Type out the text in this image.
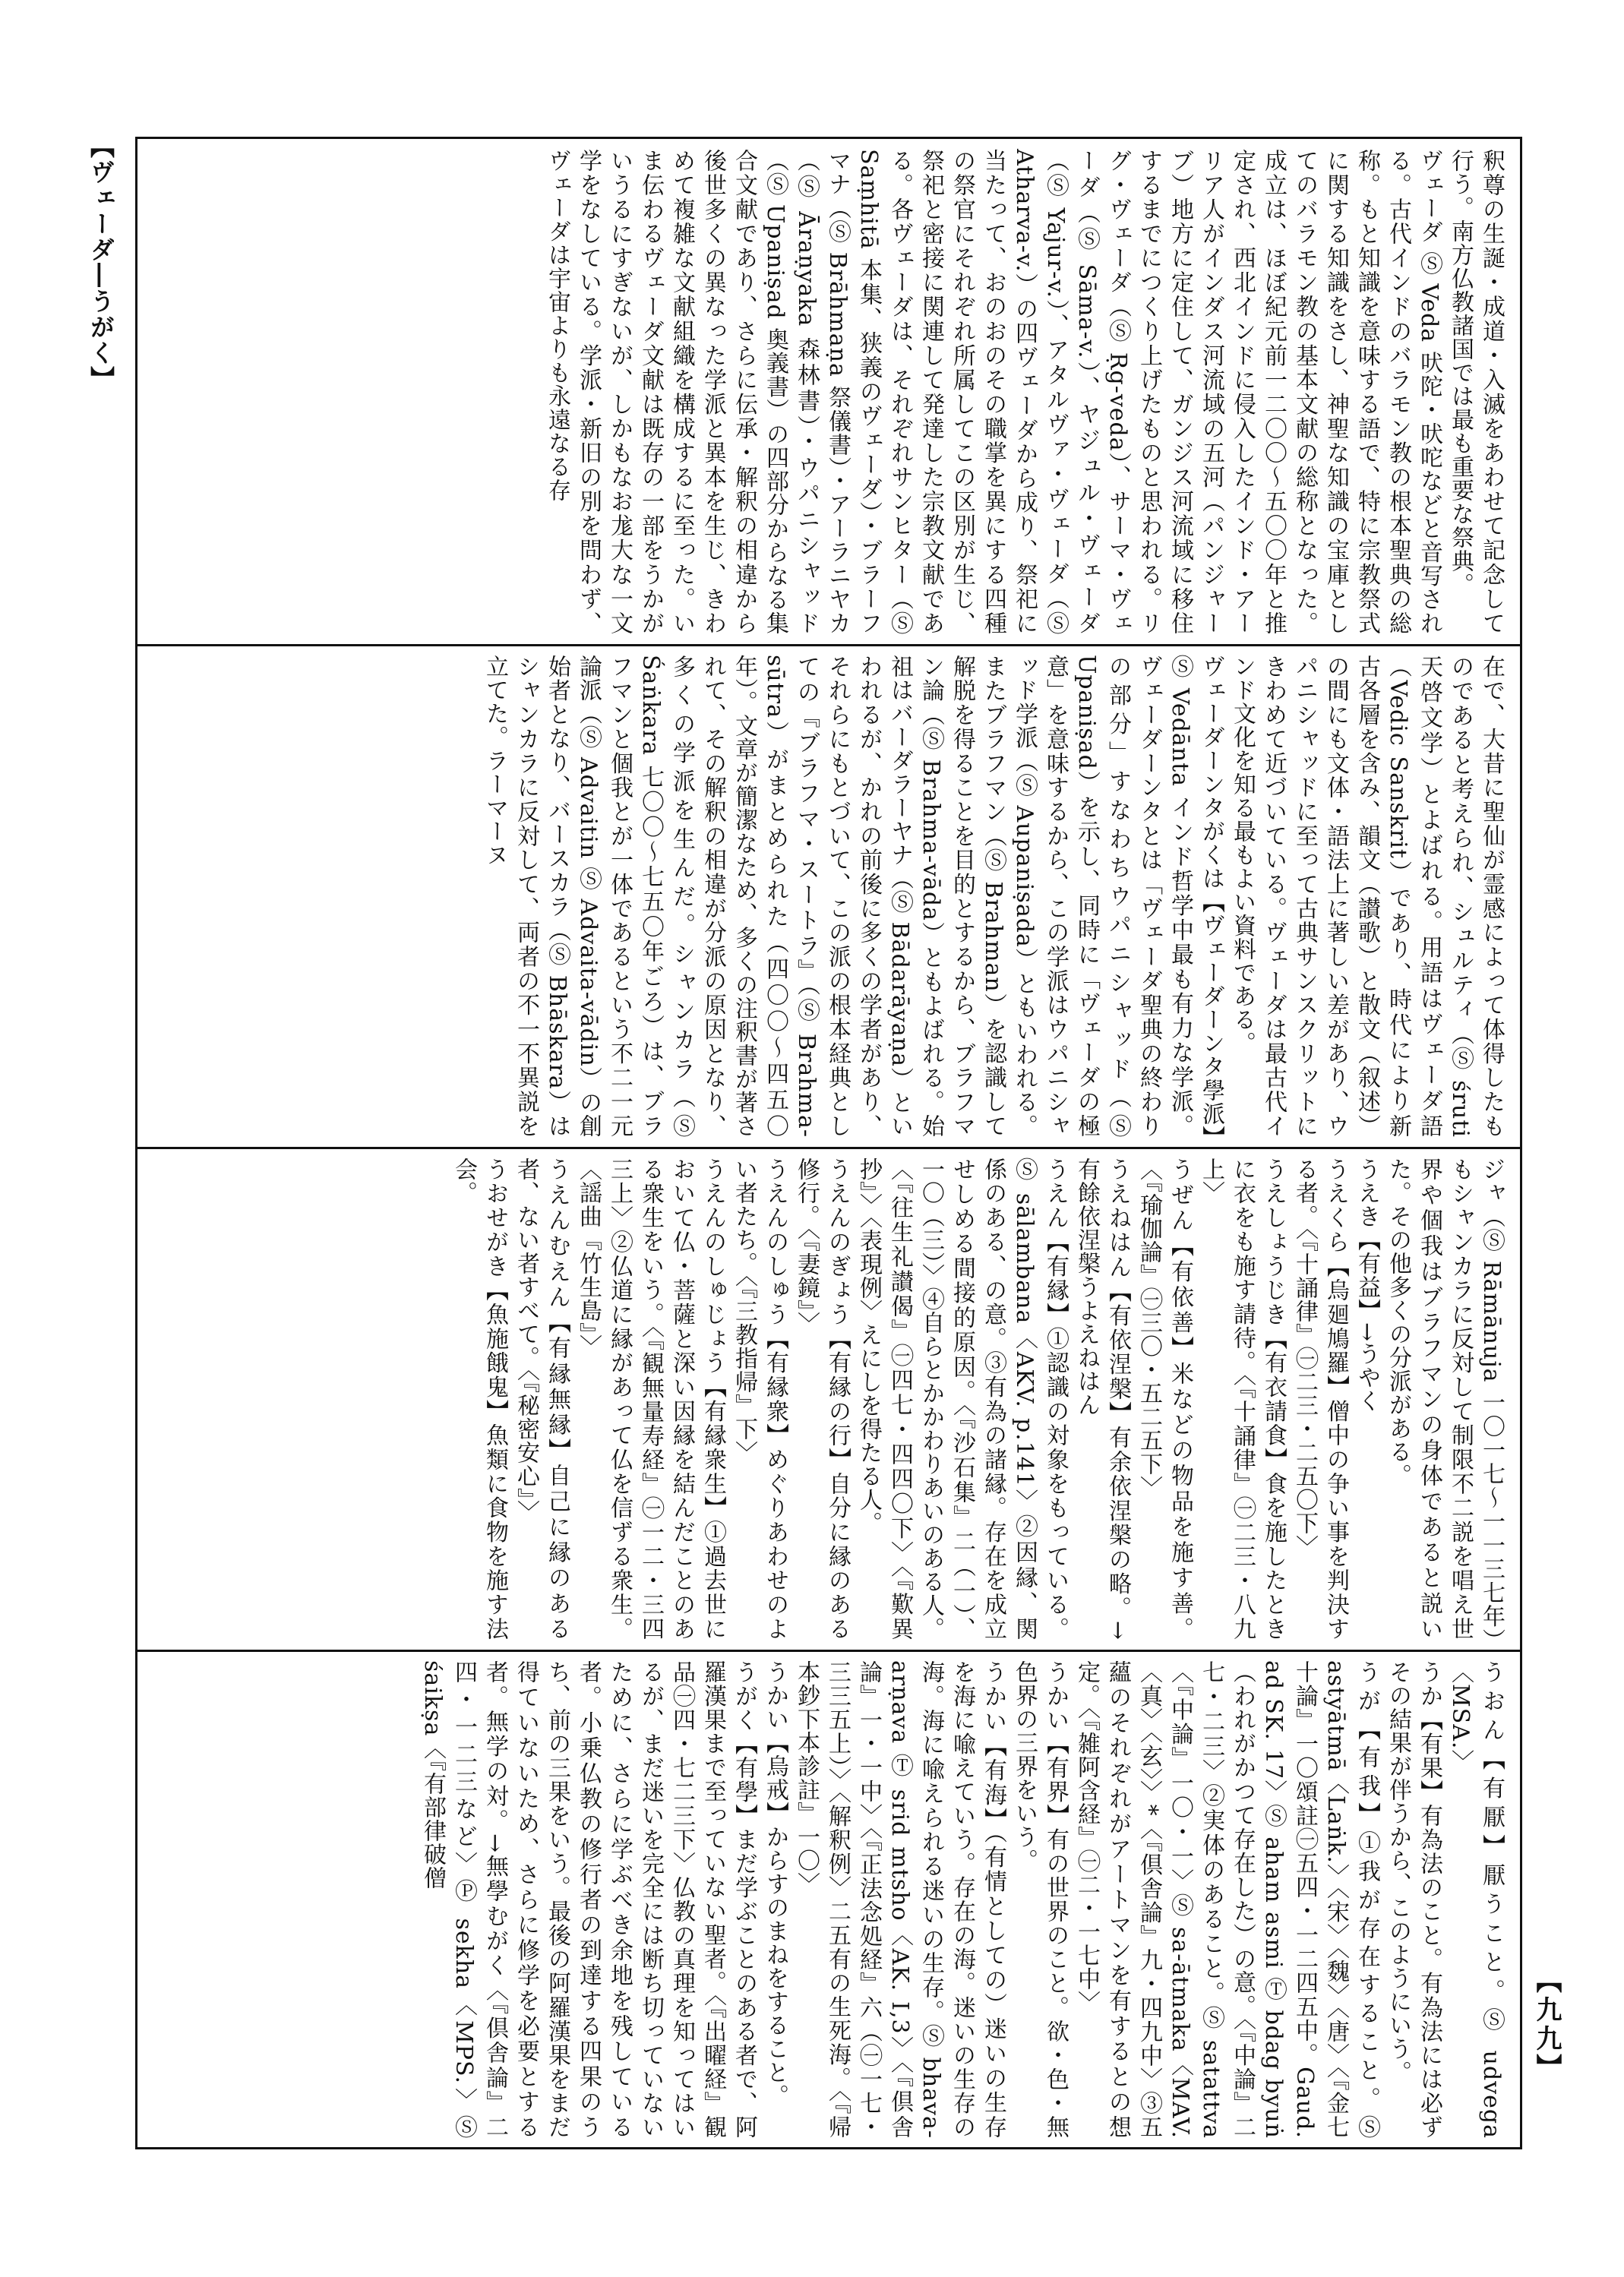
【ヴェーダ―うがく】	釈尊の生誕・成道・入滅をあわせて記念して行う。南方仏教諸国では最も重要な祭典。
ヴェーダ Ⓢ Veda 吠陀・吠咜などと音写される。古代インドのバラモン教の根本聖典の総称。もと知識を意味する語で、特に宗教祭式に関する知識をさし、神聖な知識の宝庫としてのバラモン教の基本文献の総称となった。成立は、ほぼ紀元前一二〇〇〜五〇〇年と推定され、西北インドに侵入したインド・アーリア人がインダス河流域の五河（パンジャーブ）地方に定住して、ガンジス河流域に移住するまでにつくり上げたものと思われる。リグ・ヴェーダ（Ⓢ Ṛg-veda）、サーマ・ヴェーダ（Ⓢ Sāma-v.）、ヤジュル・ヴェーダ（Ⓢ Yajur-v.）、アタルヴァ・ヴェーダ（Ⓢ Atharva-v.）の四ヴェーダから成り、祭祀に当たって、おのおのその職掌を異にする四種の祭官にそれぞれ所属してこの区別が生じ、祭祀と密接に関連して発達した宗教文献である。各ヴェーダは、それぞれサンヒター（Ⓢ Saṃhitā 本集、狭義のヴェーダ）・ブラーフマナ（Ⓢ Brāhmaṇa 祭儀書）・アーラニヤカ（Ⓢ Āraṇyaka 森林書）・ウパニシャッド（Ⓢ Upaniṣad 奥義書）の四部分からなる集合文献であり、さらに伝承・解釈の相違から後世多くの異なった学派と異本を生じ、きわめて複雑な文献組織を構成するに至った。いま伝わるヴェーダ文献は既存の一部をうかがいうるにすぎないが、しかもなお尨大な一文学をなしている。学派・新旧の別を問わず、ヴェーダは宇宙よりも永遠なる存
在で、大昔に聖仙が霊感によって体得したものであると考えられ、シュルティ（Ⓢ śruti 天啓文学）とよばれる。用語はヴェーダ語（Vedic Sanskrit）であり、時代により新古各層を含み、韻文（讃歌）と散文（叙述）の間にも文体・語法上に著しい差があり、ウパニシャッドに至って古典サンスクリットにきわめて近づいている。ヴェーダは最古代インド文化を知る最もよい資料である。
ヴェーダーンタがくは【ヴェーダーンタ學派】Ⓢ Vedānta インド哲学中最も有力な学派。ヴェーダーンタとは「ヴェーダ聖典の終わりの部分」すなわちウパニシャッド（Ⓢ Upaniṣad）を示し、同時に「ヴェーダの極意」を意味するから、この学派はウパニシャッド学派（Ⓢ Aupaniṣada）ともいわれる。またブラフマン（Ⓢ Brahman）を認識して解脱を得ることを目的とするから、ブラフマン論（Ⓢ Brahma-vāda）ともよばれる。始祖はバーダラーヤナ（Ⓢ Bādarāyaṇa）といわれるが、かれの前後に多くの学者があり、それらにもとづいて、この派の根本経典としての『ブラフマ・スートラ』（Ⓢ Brahma-sūtra）がまとめられた（四〇〇〜四五〇年）。文章が簡潔なため、多くの注釈書が著されて、その解釈の相違が分派の原因となり、多くの学派を生んだ。シャンカラ（Ⓢ Śaṅkara 七〇〇〜七五〇年ごろ）は、ブラフマンと個我とが一体であるという不二一元論派（Ⓢ Advaitin Ⓢ Advaita-vādin）の創始者となり、バースカラ（Ⓢ Bhāskara）はシャンカラに反対して、両者の不一不異説を立てた。ラーマーヌ
ジャ（Ⓢ Rāmānuja 一〇一七〜一一三七年）もシャンカラに反対して制限不二説を唱え世界や個我はブラフマンの身体であると説いた。その他多くの分派がある。
うえき【有益】→うやく
うえくら【烏廻鳩羅】僧中の争い事を判決する者。〈『十誦律』㊀二三・二五〇下〉
うえしょうじき【有衣請食】食を施したときに衣をも施す請待。〈『十誦律』㊀二三・八九上〉
うぜん【有依善】米などの物品を施す善。〈『瑜伽論』㊀三〇・五二五下〉
うえねはん【有依涅槃】有余依涅槃の略。→有餘依涅槃うよえねはん
うえん【有縁】①認識の対象をもっている。Ⓢ sālambana〈AKV. p.141〉②因縁、関係のある、の意。③有為の諸縁。存在を成立せしめる間接的原因。〈『沙石集』二（一）、一〇（三）〉④自らとかかわりあいのある人。〈『往生礼讃偈』㊀四七・四四〇下〉〈『歎異抄』〉〈表現例〉えにしを得たる人。
うえんのぎょう【有縁の行】自分に縁のある修行。〈『妻鏡』〉
うえんのしゅう【有縁衆】めぐりあわせのよい者たち。〈『三教指帰』下〉
うえんのしゅじょう【有縁衆生】①過去世において仏・菩薩と深い因縁を結んだことのある衆生をいう。〈『観無量寿経』㊀一二・三四三上〉②仏道に縁があって仏を信ずる衆生。〈謡曲『竹生島』〉
うえんむえん【有縁無縁】自己に縁のある者、ない者すべて。〈『秘密安心』〉
うおせがき【魚施餓鬼】魚類に食物を施す法会。
うおん【有厭】厭うこと。Ⓢ udvega〈MSA.〉
うか【有果】有為法のこと。有為法には必ずその結果が伴うから、このようにいう。
うが【有我】①我が存在すること。Ⓢ astyātmā〈Laṅk.〉〈宋〉〈魏〉〈唐〉〈『金七十論』一〇頌註㊀五四・一二四五中。Gaud. ad SK. 17〉Ⓢ aham asmi Ⓣ bdag byuṅ（われがかつて存在した）の意。〈『中論』二七・二三〉②実体のあること。Ⓢ satattva〈『中論』一〇・一〉Ⓢ sa-ātmaka〈MAV.〈真〉〈玄〉〉*〈『倶舎論』九・四九中〉③五蘊のそれぞれがアートマンを有するとの想定。〈『雑阿含経』㊀二・一七中〉
うかい【有界】有の世界のこと。欲・色・無色界の三界をいう。
うかい【有海】（有情としての）迷いの生存を海に喩えていう。存在の海。迷いの生存の海。海に喩えられる迷いの生存。Ⓢ bhava-arṇava Ⓣ srid mtsho〈AK. I,3〉〈『倶舎論』一・一中〉〈『正法念処経』六（㊀一七・三三五上）〉〈解釈例〉二五有の生死海。〈『帰本鈔下本診註』一〇〉
うかい【烏戒】からすのまねをすること。
うがく【有學】まだ学ぶことのある者で、阿羅漢果まで至っていない聖者。〈『出曜経』観品㊀四・七二三下〉仏教の真理を知ってはいるが、まだ迷いを完全には断ち切っていないために、さらに学ぶべき余地を残している者。小乗仏教の修行者の到達する四果のうち、前の三果をいう。最後の阿羅漢果をまだ得ていないため、さらに修学を必要とする者。無学の対。→無學むがく〈『倶舎論』二四・一二三など〉Ⓟ sekha〈MPS.〉Ⓢ śaikṣa〈『有部律破僧
【九九】
